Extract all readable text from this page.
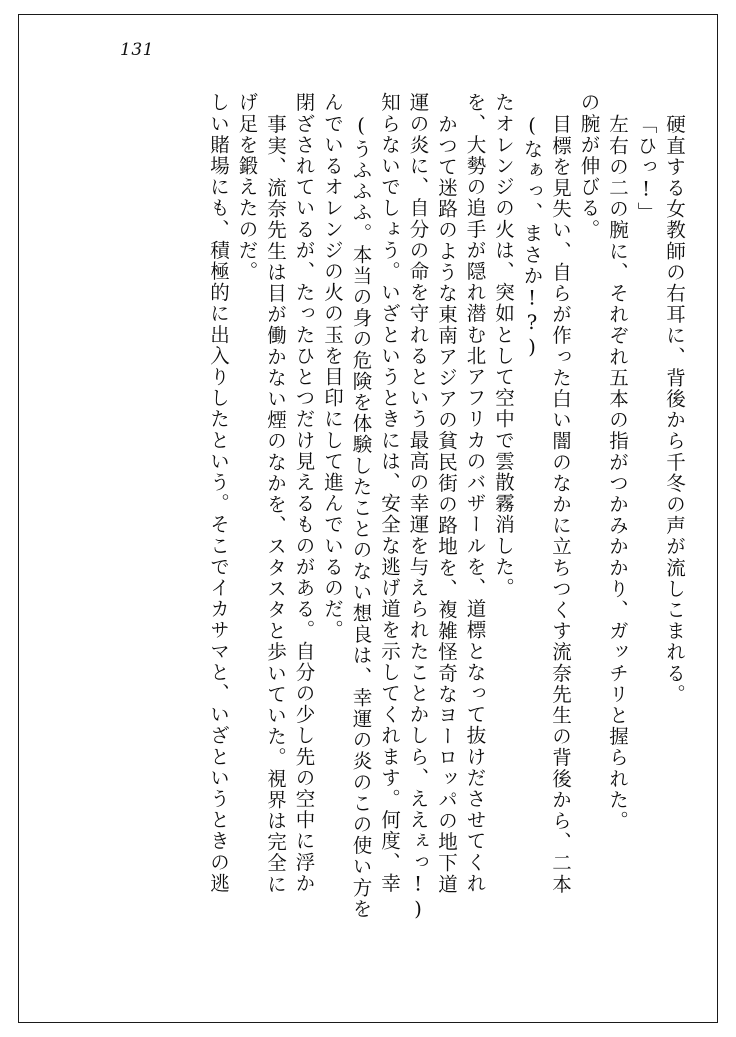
131
しい賭場にも、積極的に出入りしたという。そこでイカサマと、いざというときの逃 げ足を鍛えたのだ。 事実、流奈先生は目が働かない煙のなかを、スタスタと歩いていた。視界は完全に 閉ざされているが、たったひとつだけ見えるものがある。自分の少し先の空中に浮か んでいるオレンジの火の玉を目印にして進んでいるのだ。 (うふふふ。本当の身の危険を体験したことのない想良は、幸運の炎のこの使い方を 知らないでしょう。いざというときには、安全な逃げ道を示してくれます。何度、幸 運の炎に、自分の命を守れるという最高の幸運を与えられたことかしら、ええぇっ!) かつて迷路のような東南アジアの貧民街の路地を、複雑怪奇なヨーロッパの地下道 を、大勢の追手が隠れ潜む北アフリカのバザールを、道標となって抜けださせてくれ たオレンジの火は、突如として空中で雲散霧消した。 (なぁっ、まさか!?) 目標を見失い、自らが作った白い闇のなかに立ちつくす流奈先生の背後から、二本 の腕が伸びる。 左右の二の腕に、それぞれ五本の指がつかみかかり、ガッチリと握られた。 「ひっ!」 硬直する女教師の右耳に、背後から千冬の声が流しこまれる。
